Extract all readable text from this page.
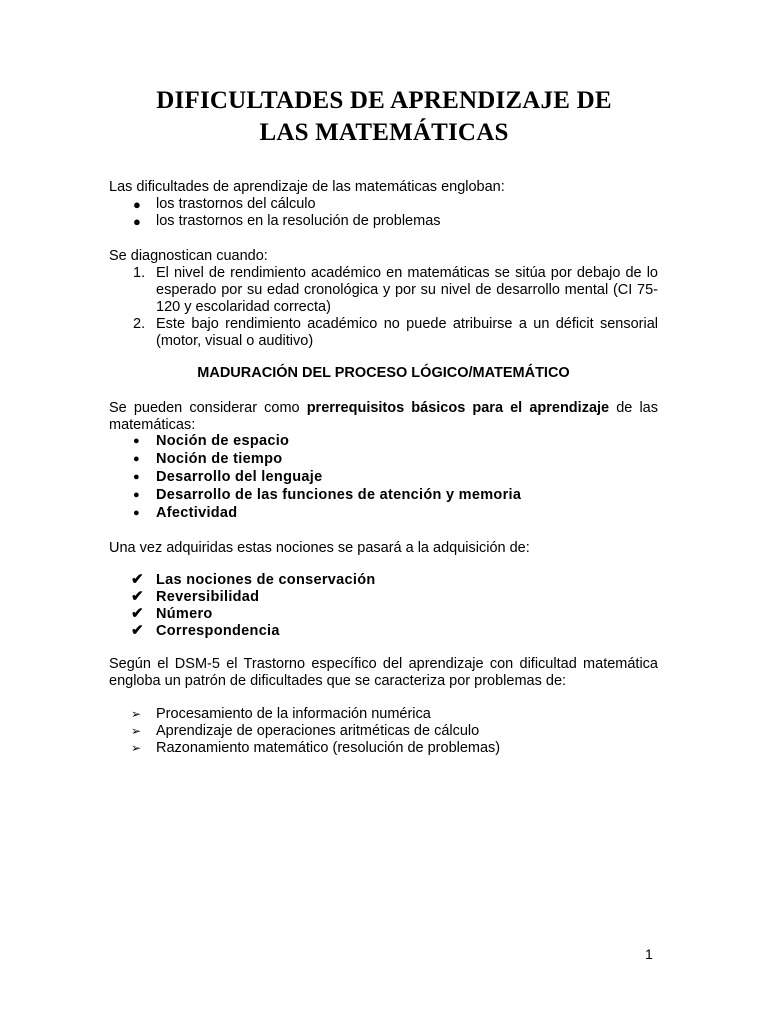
DIFICULTADES DE APRENDIZAJE DE
LAS MATEMÁTICAS

Las dificultades de aprendizaje de las matemáticas engloban:

● los trastornos del cálculo
● los trastornos en la resolución de problemas

Se diagnostican cuando:

1. El nivel de rendimiento académico en matemáticas se sitúa por debajo de lo esperado por su edad cronológica y por su nivel de desarrollo mental (CI 75-120 y escolaridad correcta)
2. Este bajo rendimiento académico no puede atribuirse a un déficit sensorial (motor, visual o auditivo)

MADURACIÓN DEL PROCESO LÓGICO/MATEMÁTICO

Se pueden considerar como prerrequisitos básicos para el aprendizaje de las matemáticas:

● Noción de espacio
● Noción de tiempo
● Desarrollo del lenguaje
● Desarrollo de las funciones de atención y memoria
● Afectividad

Una vez adquiridas estas nociones se pasará a la adquisición de:

✔ Las nociones de conservación
✔ Reversibilidad
✔ Número
✔ Correspondencia

Según el DSM-5 el Trastorno específico del aprendizaje con dificultad matemática engloba un patrón de dificultades que se caracteriza por problemas de:

➢ Procesamiento de la información numérica
➢ Aprendizaje de operaciones aritméticas de cálculo
➢ Razonamiento matemático (resolución de problemas)
1
